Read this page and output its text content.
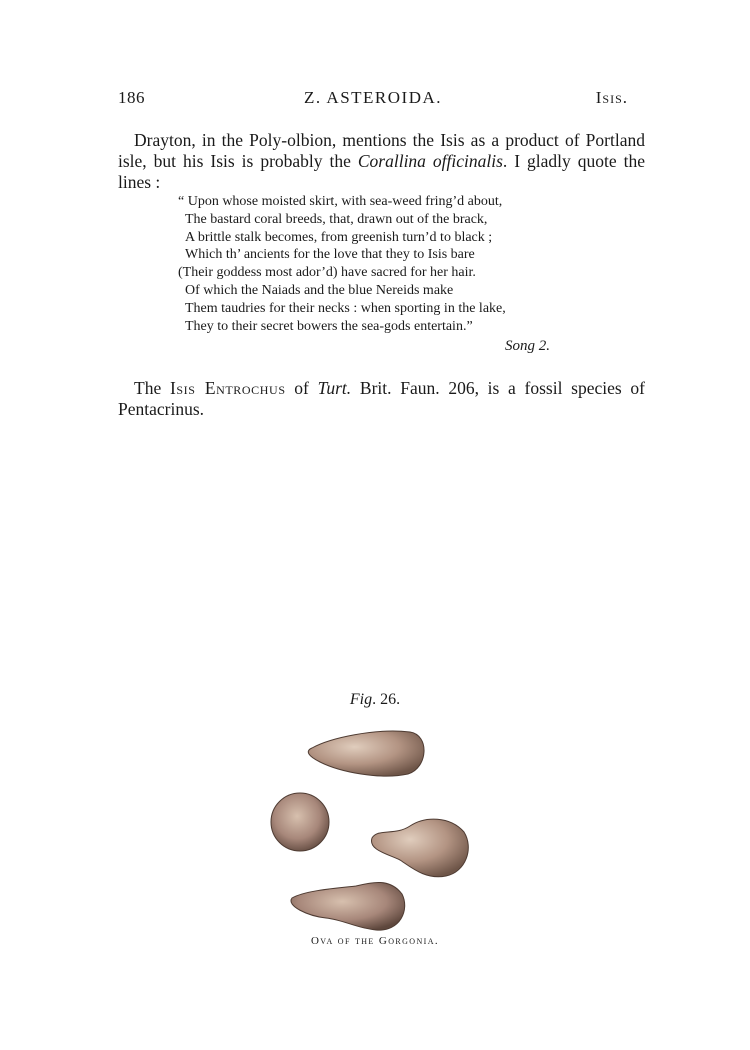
186	Z. ASTEROIDA.	Isis.
Drayton, in the Poly-olbion, mentions the Isis as a product of Portland isle, but his Isis is probably the Corallina officinalis. I gladly quote the lines :
“ Upon whose moisted skirt, with sea-weed fring’d about,
The bastard coral breeds, that, drawn out of the brack,
A brittle stalk becomes, from greenish turn’d to black ;
Which th’ ancients for the love that they to Isis bare
(Their goddess most ador’d) have sacred for her hair.
Of which the Naiads and the blue Nereids make
Them taudries for their necks : when sporting in the lake,
They to their secret bowers the sea-gods entertain.”
Song 2.
The Isis Entrochus of Turt. Brit. Faun. 206, is a fossil species of Pentacrinus.
Fig. 26.
Ova of the Gorgonia.
